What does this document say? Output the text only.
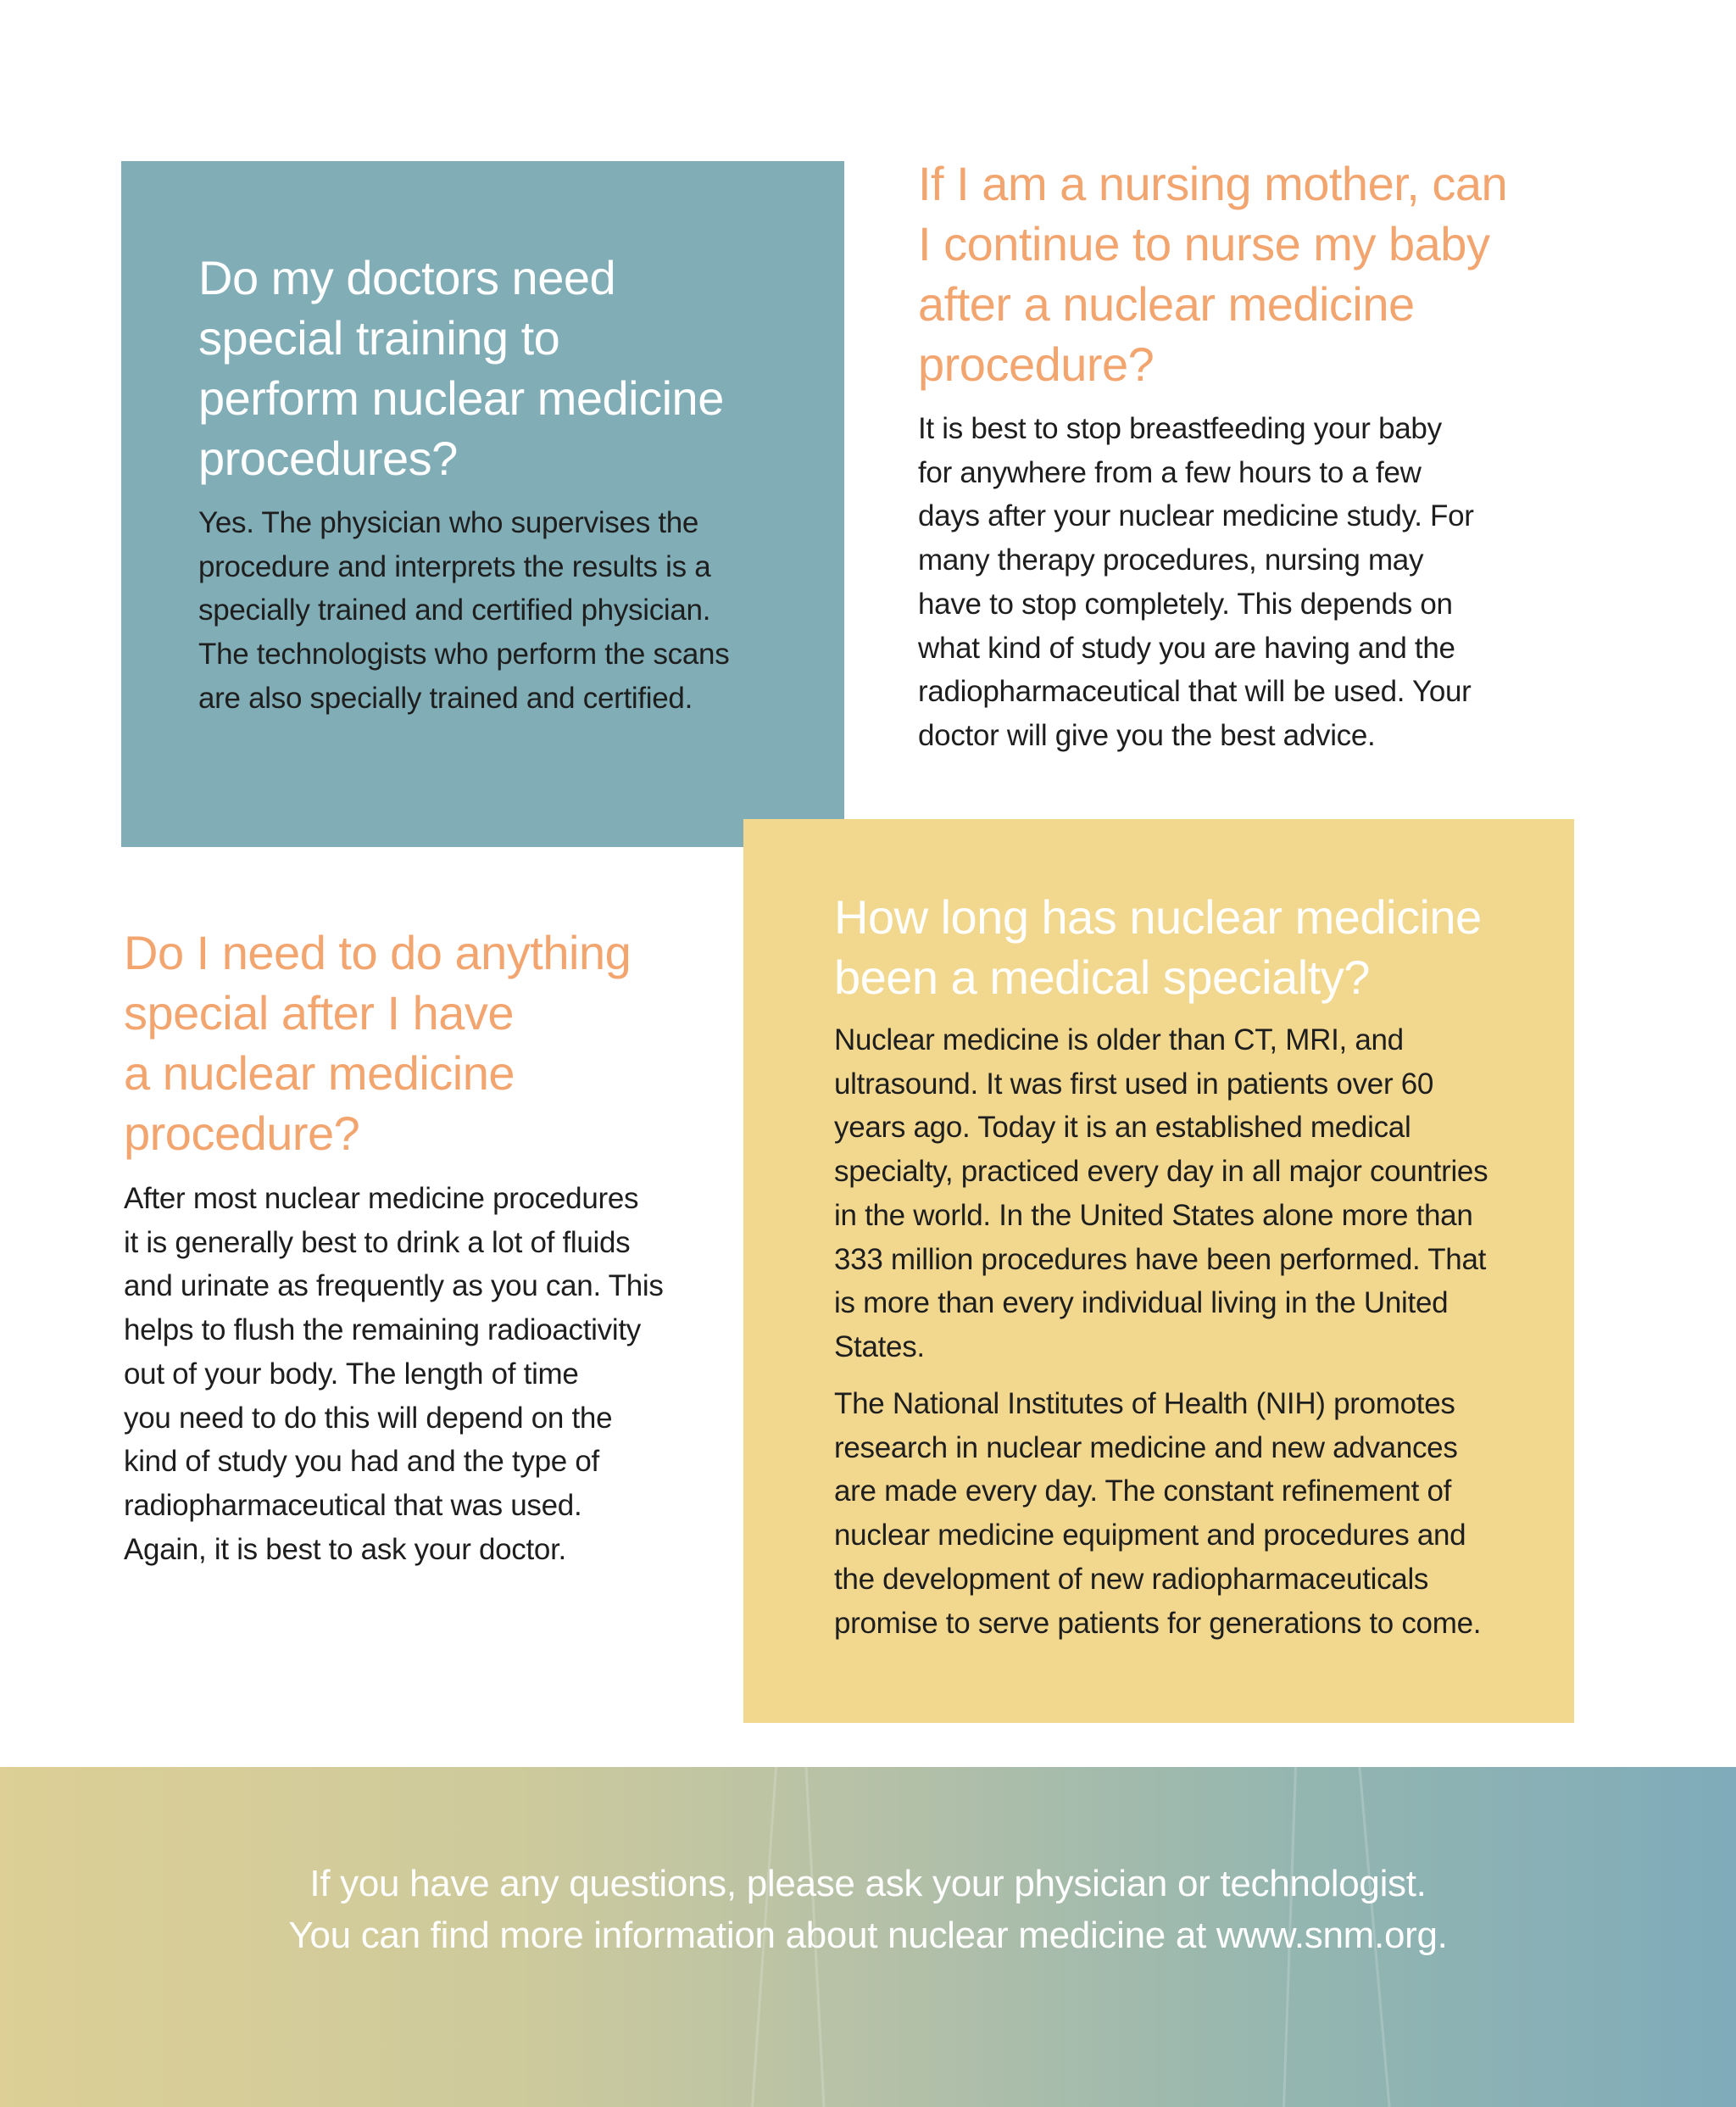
Do my doctors need
special training to
perform nuclear medicine
procedures?

Yes. The physician who supervises the
procedure and interprets the results is a
specially trained and certified physician.
The technologists who perform the scans
are also specially trained and certified.

If I am a nursing mother, can
I continue to nurse my baby
after a nuclear medicine
procedure?

It is best to stop breastfeeding your baby
for anywhere from a few hours to a few
days after your nuclear medicine study. For
many therapy procedures, nursing may
have to stop completely. This depends on
what kind of study you are having and the
radiopharmaceutical that will be used. Your
doctor will give you the best advice.

Do I need to do anything
special after I have
a nuclear medicine
procedure?

After most nuclear medicine procedures
it is generally best to drink a lot of fluids
and urinate as frequently as you can. This
helps to flush the remaining radioactivity
out of your body. The length of time
you need to do this will depend on the
kind of study you had and the type of
radiopharmaceutical that was used.
Again, it is best to ask your doctor.

How long has nuclear medicine
been a medical specialty?

Nuclear medicine is older than CT, MRI, and
ultrasound. It was first used in patients over 60
years ago. Today it is an established medical
specialty, practiced every day in all major countries
in the world. In the United States alone more than
333 million procedures have been performed. That
is more than every individual living in the United
States.

The National Institutes of Health (NIH) promotes
research in nuclear medicine and new advances
are made every day. The constant refinement of
nuclear medicine equipment and procedures and
the development of new radiopharmaceuticals
promise to serve patients for generations to come.

If you have any questions, please ask your physician or technologist.
You can find more information about nuclear medicine at www.snm.org.
